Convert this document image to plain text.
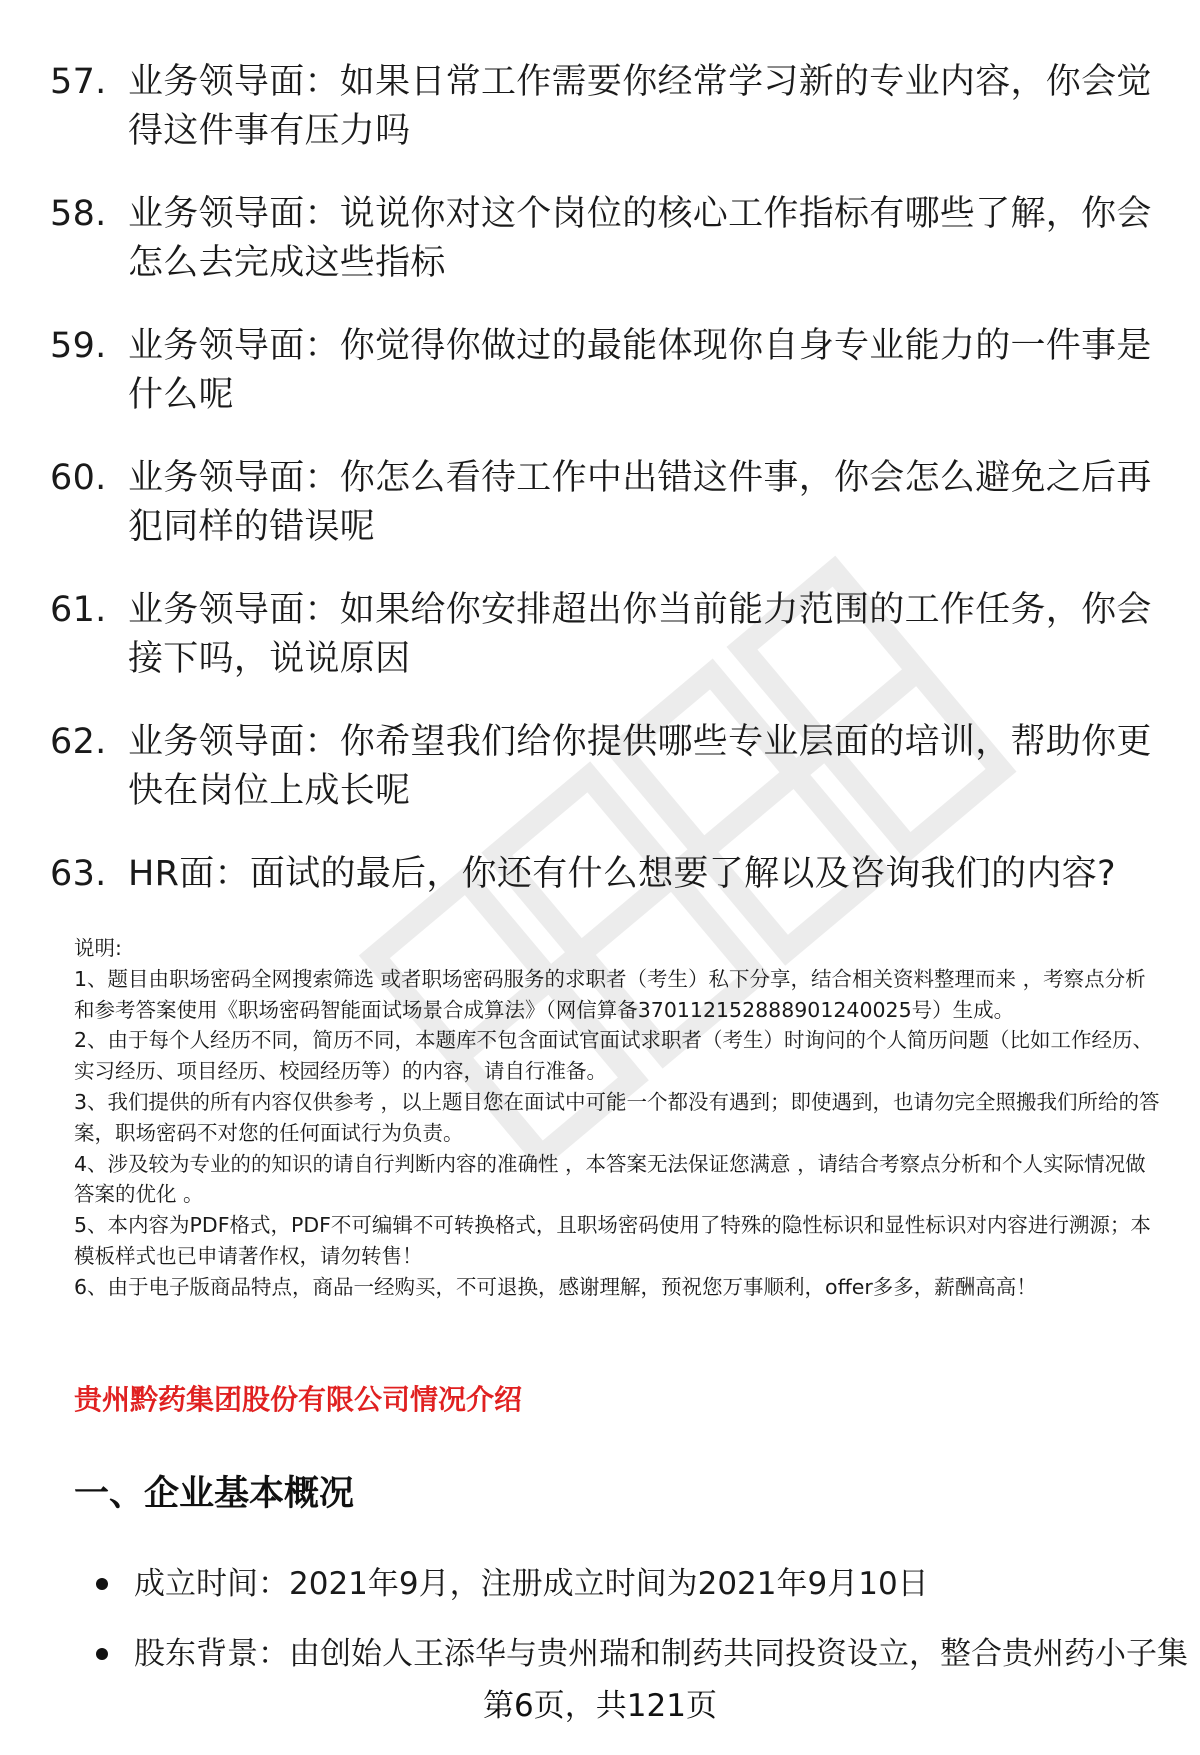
57. 业务领导面：如果日常工作需要你经常学习新的专业内容，你会觉得这件事有压力吗
58. 业务领导面：说说你对这个岗位的核心工作指标有哪些了解，你会怎么去完成这些指标
59. 业务领导面：你觉得你做过的最能体现你自身专业能力的一件事是什么呢
60. 业务领导面：你怎么看待工作中出错这件事，你会怎么避免之后再犯同样的错误呢
61. 业务领导面：如果给你安排超出你当前能力范围的工作任务，你会接下吗，说说原因
62. 业务领导面：你希望我们给你提供哪些专业层面的培训，帮助你更快在岗位上成长呢
63. HR面：面试的最后，你还有什么想要了解以及咨询我们的内容?

说明:

1、题目由职场密码全网搜索筛选 或者职场密码服务的求职者（考生）私下分享，结合相关资料整理而来 ，考察点分析和参考答案使用《职场密码智能面试场景合成算法》（网信算备370112152888901240025号）生成。

2、由于每个人经历不同，简历不同，本题库不包含面试官面试求职者（考生）时询问的个人简历问题（比如工作经历、实习经历、项目经历、校园经历等）的内容，请自行准备。

3、我们提供的所有内容仅供参考 ，以上题目您在面试中可能一个都没有遇到；即使遇到，也请勿完全照搬我们所给的答案，职场密码不对您的任何面试行为负责。

4、涉及较为专业的的知识的请自行判断内容的准确性 ，本答案无法保证您满意 ，请结合考察点分析和个人实际情况做答案的优化 。

5、本内容为PDF格式，PDF不可编辑不可转换格式，且职场密码使用了特殊的隐性标识和显性标识对内容进行溯源；本模板样式也已申请著作权，请勿转售！

6、由于电子版商品特点，商品一经购买，不可退换，感谢理解，预祝您万事顺利，offer多多，薪酬高高！

贵州黔药集团股份有限公司情况介绍
一、企业基本概况
成立时间：2021年9月，注册成立时间为2021年9月10日
股东背景：由创始人王添华与贵州瑞和制药共同投资设立，整合贵州药小子集
第6页，共121页
